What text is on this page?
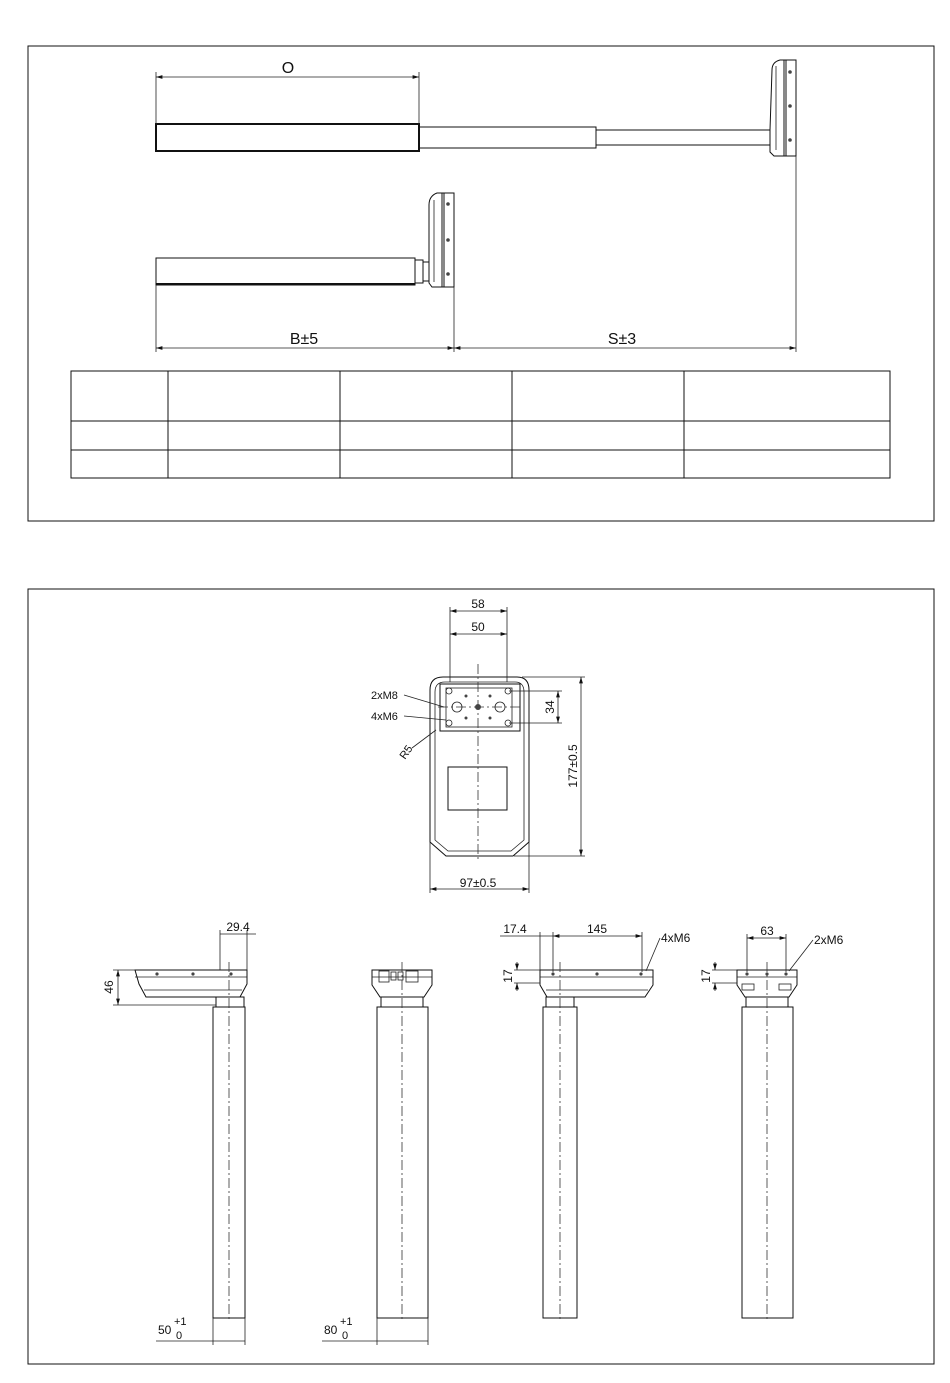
O
B±5	S±3
58
50
34
177±0.5
97±0.5
2xM8
4xM6
R5
29.4
46
50
+1
0	80
+1
0
17.4	145
4xM6
17
63
2xM6
17
